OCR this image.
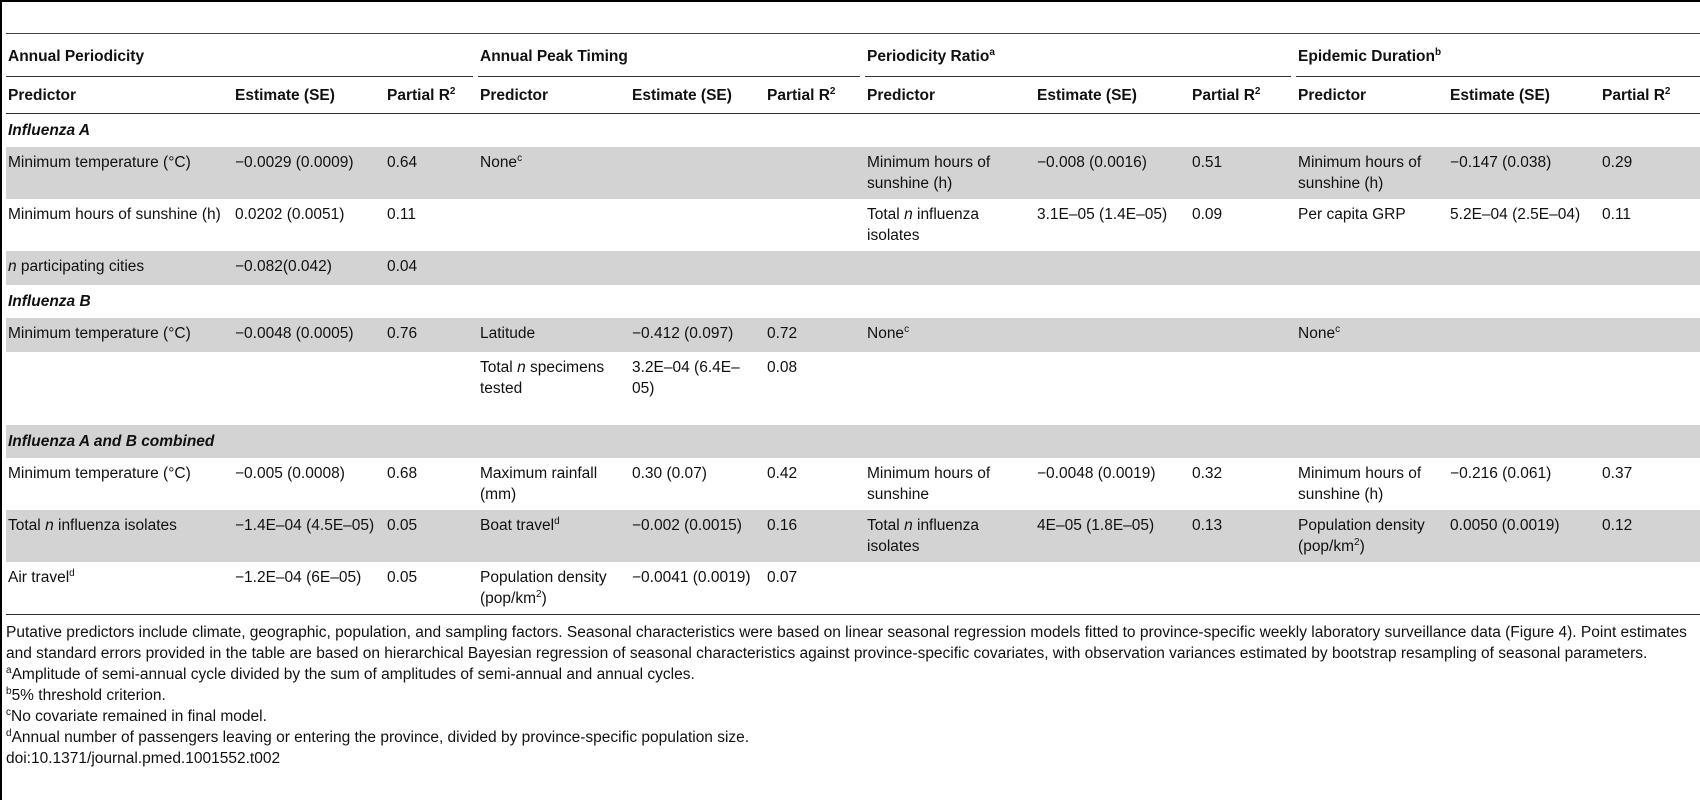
Annual Periodicity				Annual Peak Timing				Periodicity Ratio$^a$				Epidemic Duration$^b$
Predictor	Estimate (SE)	Partial $R^2$		Predictor	Estimate (SE)	Partial $R^2$		Predictor	Estimate (SE)	Partial $R^2$		Predictor	Estimate (SE)	Partial $R^2$
Influenza A														
Minimum temperature (°C)	−0.0029 (0.0009)	0.64		None$^c$				Minimum hours of sunshine (h)	−0.008 (0.0016)	0.51		Minimum hours of sunshine (h)	−0.147 (0.038)	0.29
Minimum hours of sunshine (h)	0.0202 (0.0051)	0.11						Total n influenza isolates	3.1E–05 (1.4E–05)	0.09		Per capita GRP	5.2E–04 (2.5E–04)	0.11
n participating cities	−0.082(0.042)	0.04												
Influenza B														
Minimum temperature (°C)	−0.0048 (0.0005)	0.76		Latitude	−0.412 (0.097)	0.72		None$^c$				None$^c$		
				Total n specimens tested	3.2E–04 (6.4E–05)	0.08								
Influenza A and B combined														
Minimum temperature (°C)	−0.005 (0.0008)	0.68		Maximum rainfall (mm)	0.30 (0.07)	0.42		Minimum hours of sunshine	−0.0048 (0.0019)	0.32		Minimum hours of sunshine (h)	−0.216 (0.061)	0.37
Total n influenza isolates	−1.4E–04 (4.5E–05)	0.05		Boat travel$^d$	−0.002 (0.0015)	0.16		Total n influenza isolates	4E–05 (1.8E–05)	0.13		Population density $(pop/km^2)$	0.0050 (0.0019)	0.12
Air travel$^d$	−1.2E–04 (6E–05)	0.05		Population density $(pop/km^2)$	−0.0041 (0.0019)	0.07								

Putative predictors include climate, geographic, population, and sampling factors. Seasonal characteristics were based on linear seasonal regression models fitted to province-specific weekly laboratory surveillance data (Figure 4). Point estimates and standard errors provided in the table are based on hierarchical Bayesian regression of seasonal characteristics against province-specific covariates, with observation variances estimated by bootstrap resampling of seasonal parameters.

$^a$Amplitude of semi-annual cycle divided by the sum of amplitudes of semi-annual and annual cycles.

$^b$5% threshold criterion.

$^c$No covariate remained in final model.

$^d$Annual number of passengers leaving or entering the province, divided by province-specific population size.

doi:10.1371/journal.pmed.1001552.t002
